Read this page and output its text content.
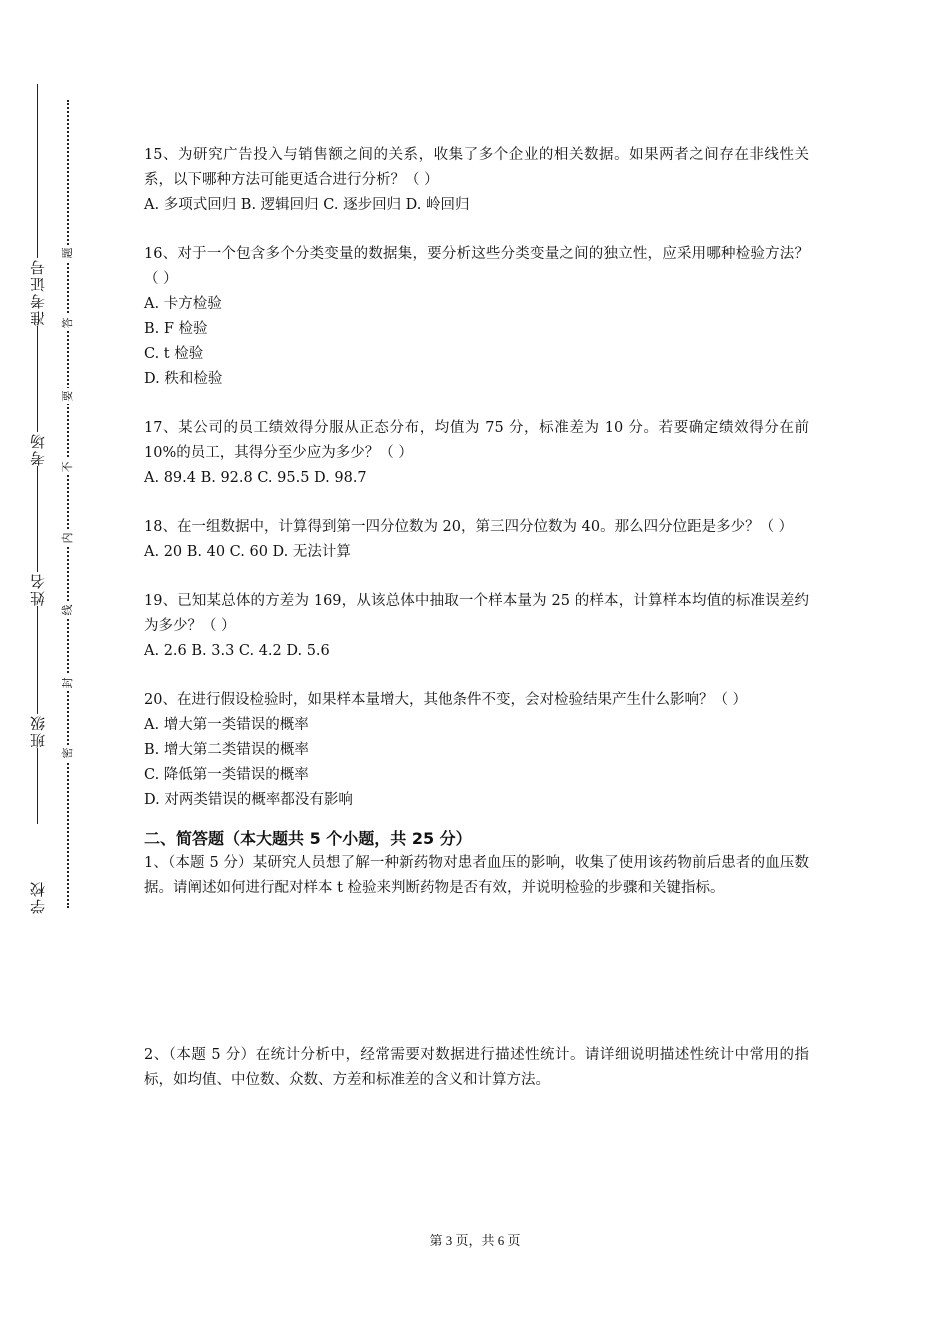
准考证号
考场
姓名
班级
学校
题
答
要
不
内
线
封
密
15、为研究广告投入与销售额之间的关系，收集了多个企业的相关数据。如果两者之间存在非线性关系，以下哪种方法可能更适合进行分析？（ ）
A. 多项式回归 B. 逻辑回归 C. 逐步回归 D. 岭回归
16、对于一个包含多个分类变量的数据集，要分析这些分类变量之间的独立性，应采用哪种检验方法？（ ）
A. 卡方检验
B. F 检验
C. t 检验
D. 秩和检验
17、某公司的员工绩效得分服从正态分布，均值为 75 分，标准差为 10 分。若要确定绩效得分在前 10%的员工，其得分至少应为多少？（ ）
A. 89.4 B. 92.8 C. 95.5 D. 98.7
18、在一组数据中，计算得到第一四分位数为 20，第三四分位数为 40。那么四分位距是多少？（ ）
A. 20 B. 40 C. 60 D. 无法计算
19、已知某总体的方差为 169，从该总体中抽取一个样本量为 25 的样本，计算样本均值的标准误差约为多少？（ ）
A. 2.6 B. 3.3 C. 4.2 D. 5.6
20、在进行假设检验时，如果样本量增大，其他条件不变，会对检验结果产生什么影响？（ ）
A. 增大第一类错误的概率
B. 增大第二类错误的概率
C. 降低第一类错误的概率
D. 对两类错误的概率都没有影响
二、简答题（本大题共 5 个小题，共 25 分）
1、（本题 5 分）某研究人员想了解一种新药物对患者血压的影响，收集了使用该药物前后患者的血压数据。请阐述如何进行配对样本 t 检验来判断药物是否有效，并说明检验的步骤和关键指标。
2、（本题 5 分）在统计分析中，经常需要对数据进行描述性统计。请详细说明描述性统计中常用的指标，如均值、中位数、众数、方差和标准差的含义和计算方法。
第 3 页，共 6 页
